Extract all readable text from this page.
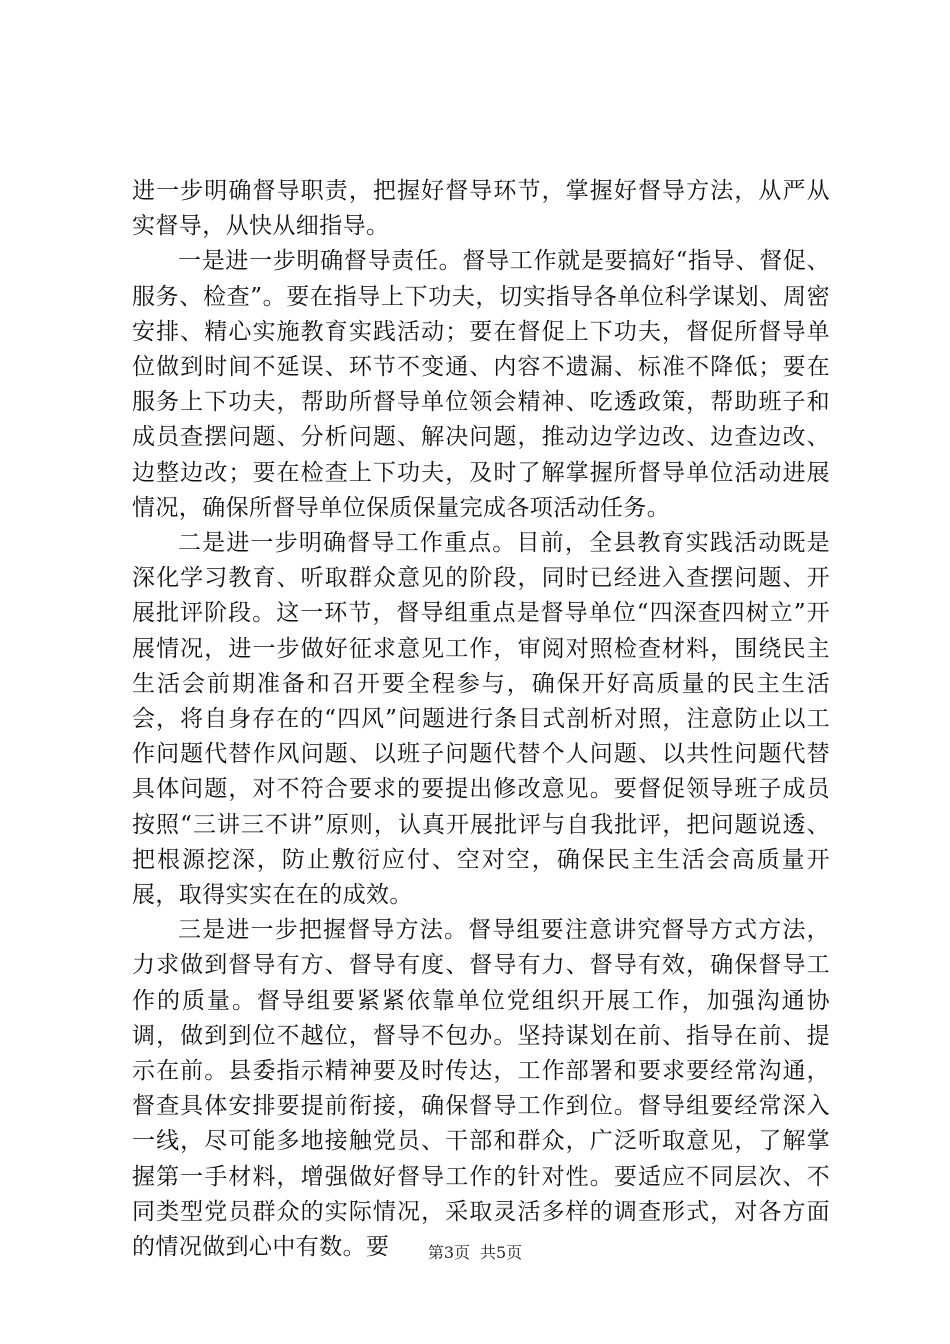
进一步明确督导职责，把握好督导环节，掌握好督导方法，从严从实督导，从快从细指导。

一是进一步明确督导责任。督导工作就是要搞好“指导、督促、服务、检查”。要在指导上下功夫，切实指导各单位科学谋划、周密安排、精心实施教育实践活动；要在督促上下功夫，督促所督导单位做到时间不延误、环节不变通、内容不遗漏、标准不降低；要在服务上下功夫，帮助所督导单位领会精神、吃透政策，帮助班子和成员查摆问题、分析问题、解决问题，推动边学边改、边查边改、边整边改；要在检查上下功夫，及时了解掌握所督导单位活动进展情况，确保所督导单位保质保量完成各项活动任务。

二是进一步明确督导工作重点。目前，全县教育实践活动既是深化学习教育、听取群众意见的阶段，同时已经进入查摆问题、开展批评阶段。这一环节，督导组重点是督导单位“四深查四树立”开展情况，进一步做好征求意见工作，审阅对照检查材料，围绕民主生活会前期准备和召开要全程参与，确保开好高质量的民主生活会，将自身存在的“四风”问题进行条目式剖析对照，注意防止以工作问题代替作风问题、以班子问题代替个人问题、以共性问题代替具体问题，对不符合要求的要提出修改意见。要督促领导班子成员按照“三讲三不讲”原则，认真开展批评与自我批评，把问题说透、把根源挖深，防止敷衍应付、空对空，确保民主生活会高质量开展，取得实实在在的成效。

三是进一步把握督导方法。督导组要注意讲究督导方式方法，力求做到督导有方、督导有度、督导有力、督导有效，确保督导工作的质量。督导组要紧紧依靠单位党组织开展工作，加强沟通协调，做到到位不越位，督导不包办。坚持谋划在前、指导在前、提示在前。县委指示精神要及时传达，工作部署和要求要经常沟通，督查具体安排要提前衔接，确保督导工作到位。督导组要经常深入一线，尽可能多地接触党员、干部和群众，广泛听取意见，了解掌握第一手材料，增强做好督导工作的针对性。要适应不同层次、不同类型党员群众的实际情况，采取灵活多样的调查形式，对各方面的情况做到心中有数。要	第3页 共5页
